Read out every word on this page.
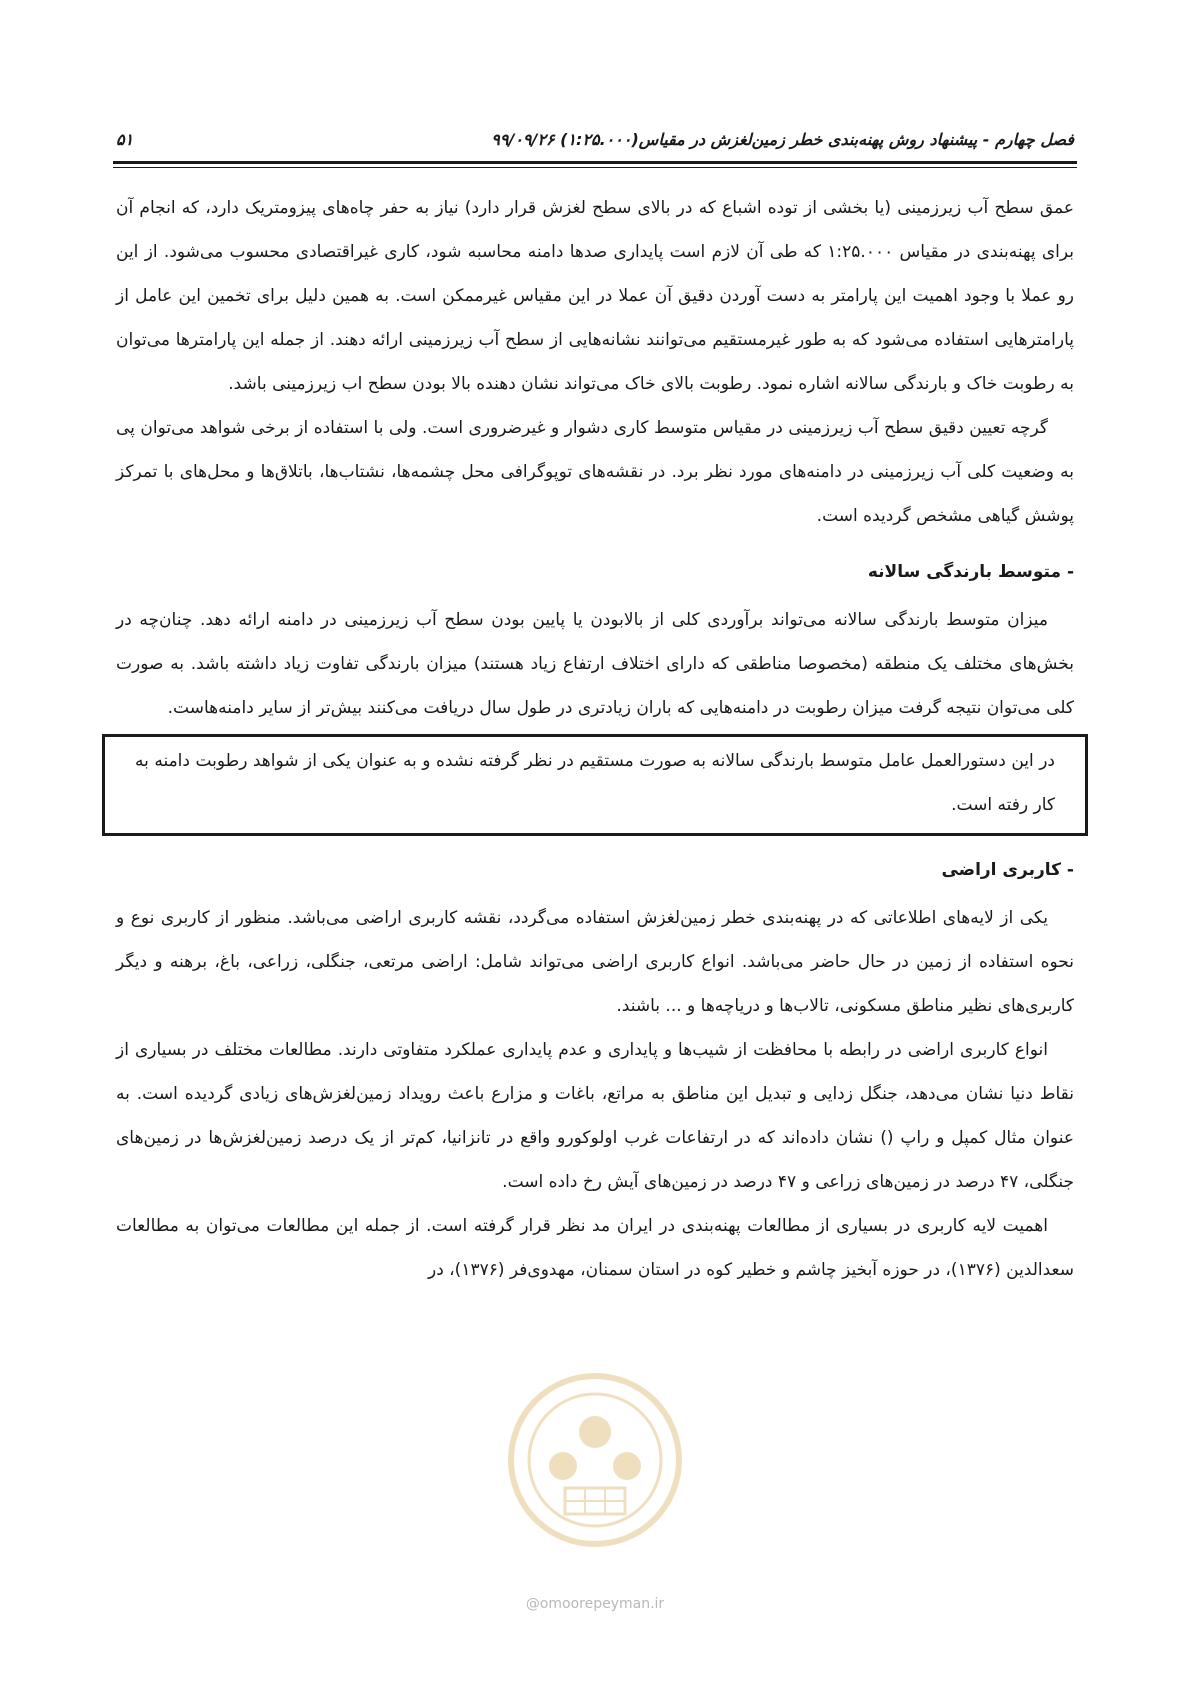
فصل چهارم - پیشنهاد روش پهنه‌بندی خطر زمین‌لغزش در مقیاس(۱:۲۵.۰۰۰) ۹۹/۰۹/۲۶
۵۱

عمق سطح آب زیرزمینی (یا بخشی از توده اشباع که در بالای سطح لغزش قرار دارد) نیاز به حفر چاه‌های پیزومتریک دارد، که انجام آن برای پهنه‌بندی در مقیاس ۱:۲۵.۰۰۰ که طی آن لازم است پایداری صدها دامنه محاسبه شود، کاری غیراقتصادی محسوب می‌شود. از این رو عملا با وجود اهمیت این پارامتر به دست آوردن دقیق آن عملا در این مقیاس غیرممکن است. به همین دلیل برای تخمین این عامل از پارامترهایی استفاده می‌شود که به طور غیرمستقیم می‌توانند نشانه‌هایی از سطح آب زیرزمینی ارائه دهند. از جمله این پارامترها می‌توان به رطوبت خاک و بارندگی سالانه اشاره نمود. رطوبت بالای خاک می‌تواند نشان دهنده بالا بودن سطح اب زیرزمینی باشد.

گرچه تعیین دقیق سطح آب زیرزمینی در مقیاس متوسط کاری دشوار و غیرضروری است. ولی با استفاده از برخی شواهد می‌توان پی به وضعیت کلی آب زیرزمینی در دامنه‌های مورد نظر برد. در نقشه‌های توپوگرافی محل چشمه‌ها، نشتاب‌ها، باتلاق‌ها و محل‌های با تمرکز پوشش گیاهی مشخص گردیده است.

- متوسط بارندگی سالانه

میزان متوسط بارندگی سالانه می‌تواند برآوردی کلی از بالابودن یا پایین بودن سطح آب زیرزمینی در دامنه ارائه دهد. چنان‌چه در بخش‌های مختلف یک منطقه (مخصوصا مناطقی که دارای اختلاف ارتفاع زیاد هستند) میزان بارندگی تفاوت زیاد داشته باشد. به صورت کلی می‌توان نتیجه گرفت میزان رطوبت در دامنه‌هایی که باران زیادتری در طول سال دریافت می‌کنند بیش‌تر از سایر دامنه‌هاست.

در این دستورالعمل عامل متوسط بارندگی سالانه به صورت مستقیم در نظر گرفته نشده و به عنوان یکی از شواهد رطوبت دامنه به کار رفته است.

- کاربری اراضی

یکی از لایه‌های اطلاعاتی که در پهنه‌بندی خطر زمین‌لغزش استفاده می‌گردد، نقشه کاربری اراضی می‌باشد. منظور از کاربری نوع و نحوه استفاده از زمین در حال حاضر می‌باشد. انواع کاربری اراضی می‌تواند شامل: اراضی مرتعی، جنگلی، زراعی، باغ، برهنه و دیگر کاربری‌های نظیر مناطق مسکونی، تالاب‌ها و دریاچه‌ها و ... باشند.

انواع کاربری اراضی در رابطه با محافظت از شیب‌ها و پایداری و عدم پایداری عملکرد متفاوتی دارند. مطالعات مختلف در بسیاری از نقاط دنیا نشان می‌دهد، جنگل زدایی و تبدیل این مناطق به مراتع، باغات و مزارع باعث رویداد زمین‌لغزش‌های زیادی گردیده است. به عنوان مثال کمپل و راپ () نشان داده‌اند که در ارتفاعات غرب اولوکورو واقع در تانزانیا، کم‌تر از یک درصد زمین‌لغزش‌ها در زمین‌های جنگلی، ۴۷ درصد در زمین‌های زراعی و ۴۷ درصد در زمین‌های آیش رخ داده است.

اهمیت لایه کاربری در بسیاری از مطالعات پهنه‌بندی در ایران مد نظر قرار گرفته است. از جمله این مطالعات می‌توان به مطالعات سعدالدین (۱۳۷۶)، در حوزه آبخیز چاشم و خطیر کوه در استان سمنان، مهدوی‌فر (۱۳۷۶)، در

@omoorepeyman.ir
